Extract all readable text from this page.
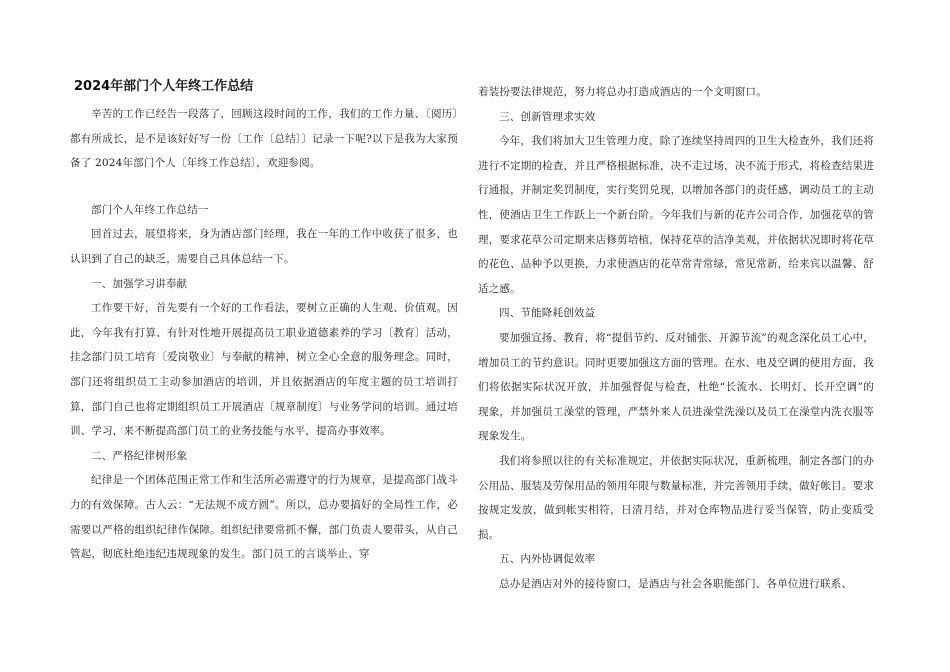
2024年部门个人年终工作总结

辛苦的工作已经告一段落了，回顾这段时间的工作，我们的工作力量、〔阅历〕都有所成长，是不是该好好写一份〔工作〔总结〕〕记录一下呢?以下是我为大家预备了 2024年部门个人〔年终工作总结〕，欢迎参阅。

部门个人年终工作总结一

回首过去，展望将来，身为酒店部门经理，我在一年的工作中收获了很多，也认识到了自己的缺乏，需要自己具体总结一下。

一、加强学习讲奉献

工作要干好，首先要有一个好的工作看法，要树立正确的人生观、价值观。因此，今年我有打算、有针对性地开展提高员工职业道德素养的学习〔教育〕活动，挂念部门员工培育〔爱岗敬业〕与奉献的精神，树立全心全意的服务理念。同时，部门还将组织员工主动参加酒店的培训，并且依据酒店的年度主题的员工培训打算，部门自己也将定期组织员工开展酒店〔规章制度〕与业务学问的培训。通过培训、学习，来不断提高部门员工的业务技能与水平，提高办事效率。

二、严格纪律树形象

纪律是一个团体范围正常工作和生活所必需遵守的行为规章，是提高部门战斗力的有效保障。古人云：“无法规不成方圆”。所以，总办要搞好的全局性工作，必需要以严格的组织纪律作保障。组织纪律要常抓不懈，部门负责人要带头，从自己管起，彻底杜绝违纪违规现象的发生。部门员工的言谈举止、穿

着装扮要法律规范，努力将总办打造成酒店的一个文明窗口。

三、创新管理求实效

今年，我们将加大卫生管理力度，除了连续坚持周四的卫生大检查外，我们还将进行不定期的检查，并且严格根据标准，决不走过场，决不流于形式，将检查结果进行通报，并制定奖罚制度，实行奖罚兑现，以增加各部门的责任感，调动员工的主动性，使酒店卫生工作跃上一个新台阶。今年我们与新的花卉公司合作，加强花草的管理，要求花草公司定期来店修剪培植，保持花草的洁净美观，并依据状况即时将花草的花色、品种予以更换，力求使酒店的花草常青常绿，常见常新，给来宾以温馨、舒适之感。

四、节能降耗创效益

要加强宣扬、教育，将“提倡节约、反对铺张、开源节流”的观念深化员工心中，增加员工的节约意识。同时更要加强这方面的管理。在水、电及空调的使用方面，我们将依据实际状况开放，并加强督促与检查，杜绝“长流水、长明灯、长开空调”的现象，并加强员工澡堂的管理，严禁外来人员进澡堂洗澡以及员工在澡堂内洗衣服等现象发生。

我们将参照以往的有关标准规定，并依据实际状况，重新梳理，制定各部门的办公用品、服装及劳保用品的领用年限与数量标准，并完善领用手续，做好帐目。要求按规定发放，做到帐实相符，日清月结，并对仓库物品进行妥当保管，防止变质受损。

五、内外协调促效率

总办是酒店对外的接待窗口，是酒店与社会各职能部门、各单位进行联系、
